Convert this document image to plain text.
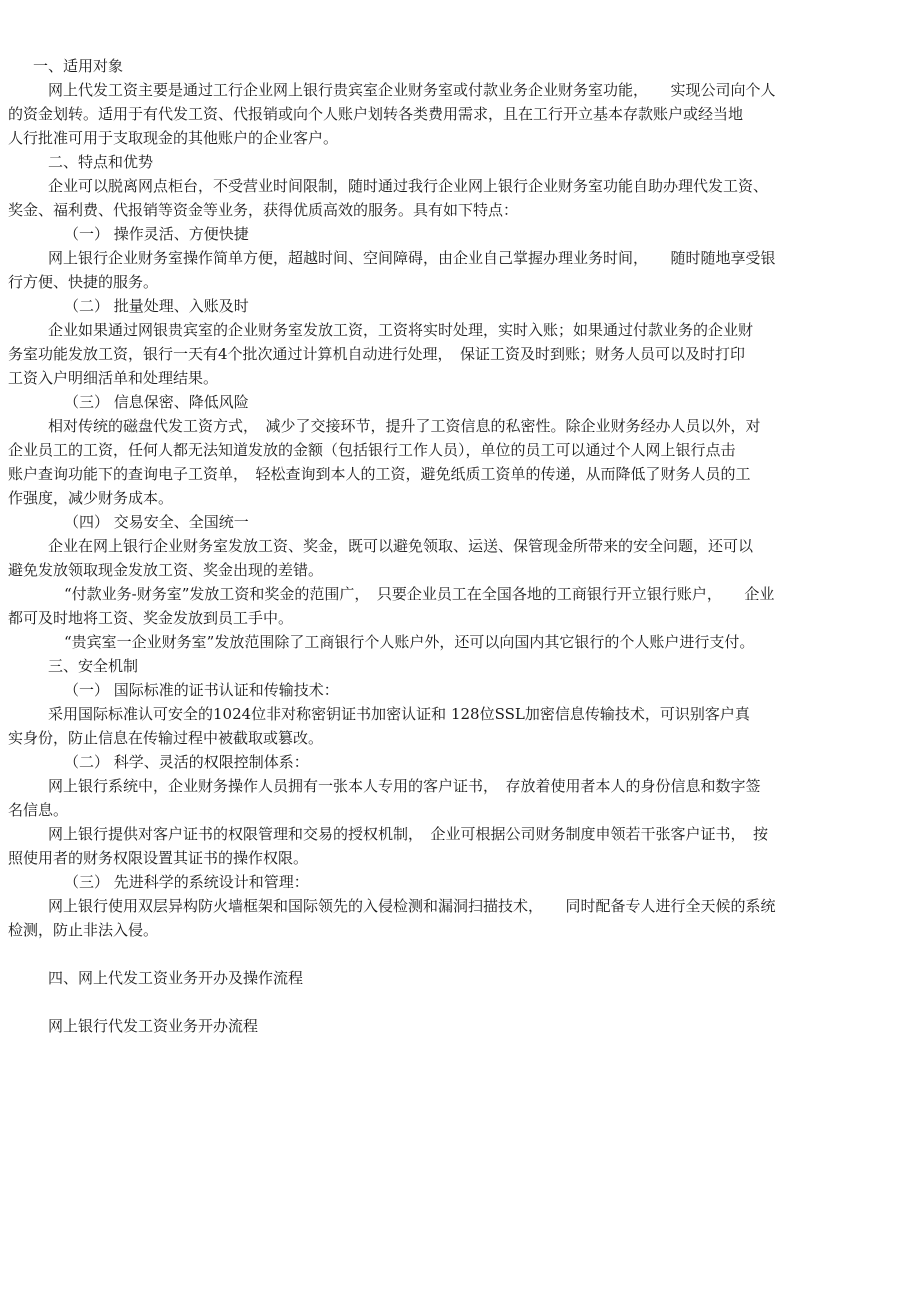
一、适用对象

网上代发工资主要是通过工行企业网上银行贵宾室企业财务室或付款业务企业财务室功能，　　实现公司向个人

的资金划转。适用于有代发工资、代报销或向个人账户划转各类费用需求，且在工行开立基本存款账户或经当地

人行批准可用于支取现金的其他账户的企业客户。

二、特点和优势

企业可以脱离网点柜台，不受营业时间限制，随时通过我行企业网上银行企业财务室功能自助办理代发工资、

奖金、福利费、代报销等资金等业务，获得优质高效的服务。具有如下特点：

（一） 操作灵活、方便快捷

网上银行企业财务室操作简单方便，超越时间、空间障碍，由企业自己掌握办理业务时间，　　随时随地享受银

行方便、快捷的服务。

（二） 批量处理、入账及时

企业如果通过网银贵宾室的企业财务室发放工资，工资将实时处理，实时入账；如果通过付款业务的企业财

务室功能发放工资，银行一天有4个批次通过计算机自动进行处理，　保证工资及时到账；财务人员可以及时打印

工资入户明细活单和处理结果。

（三） 信息保密、降低风险

相对传统的磁盘代发工资方式，　减少了交接环节，提升了工资信息的私密性。除企业财务经办人员以外，对

企业员工的工资，任何人都无法知道发放的金额（包括银行工作人员），单位的员工可以通过个人网上银行点击

账户查询功能下的查询电子工资单，　轻松查询到本人的工资，避免纸质工资单的传递，从而降低了财务人员的工

作强度，减少财务成本。

（四） 交易安全、全国统一

企业在网上银行企业财务室发放工资、奖金，既可以避免领取、运送、保管现金所带来的安全问题，还可以

避免发放领取现金发放工资、奖金出现的差错。

“付款业务-财务室”发放工资和奖金的范围广，　只要企业员工在全国各地的工商银行开立银行账户，　　企业

都可及时地将工资、奖金发放到员工手中。

“贵宾室一企业财务室”发放范围除了工商银行个人账户外，还可以向国内其它银行的个人账户进行支付。

三、安全机制

（一） 国际标准的证书认证和传输技术：

采用国际标准认可安全的1024位非对称密钥证书加密认证和 128位SSL加密信息传输技术，可识别客户真

实身份，防止信息在传输过程中被截取或篡改。

（二） 科学、灵活的权限控制体系：

网上银行系统中，企业财务操作人员拥有一张本人专用的客户证书，　存放着使用者本人的身份信息和数字签

名信息。

网上银行提供对客户证书的权限管理和交易的授权机制，　企业可根据公司财务制度申领若干张客户证书，　按

照使用者的财务权限设置其证书的操作权限。

（三） 先进科学的系统设计和管理：

网上银行使用双层异构防火墙框架和国际领先的入侵检测和漏洞扫描技术，　　同时配备专人进行全天候的系统

检测，防止非法入侵。

四、网上代发工资业务开办及操作流程

网上银行代发工资业务开办流程
